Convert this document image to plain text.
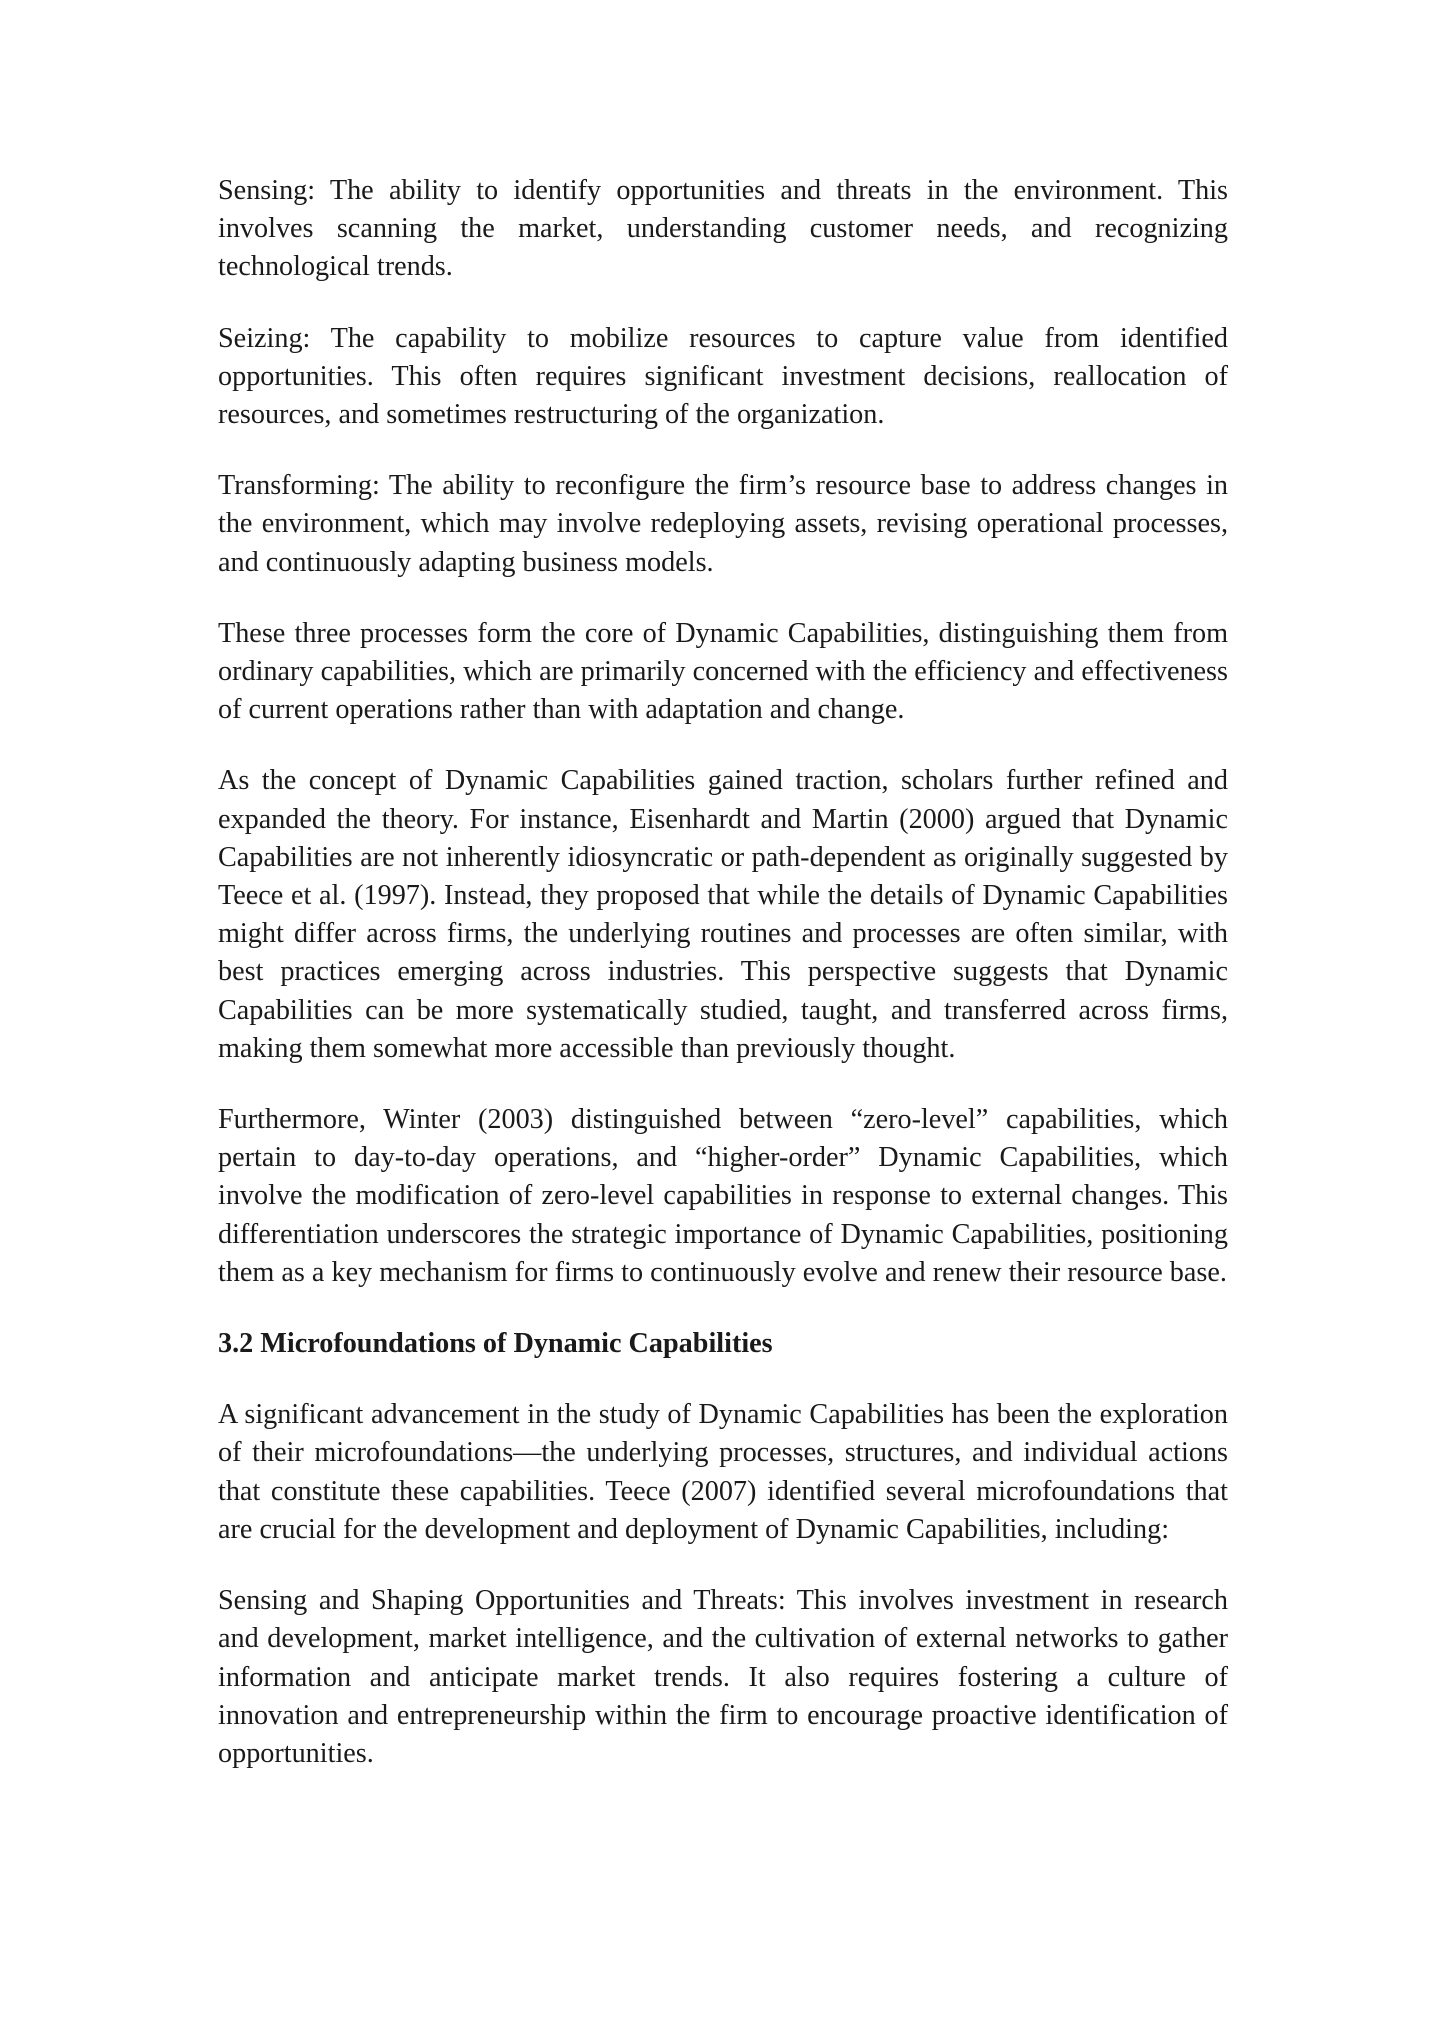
Sensing: The ability to identify opportunities and threats in the environment. This involves scanning the market, understanding customer needs, and recognizing technological trends.

Seizing: The capability to mobilize resources to capture value from identified opportunities. This often requires significant investment decisions, reallocation of resources, and sometimes restructuring of the organization.

Transforming: The ability to reconfigure the firm’s resource base to address changes in the environment, which may involve redeploying assets, revising operational processes, and continuously adapting business models.

These three processes form the core of Dynamic Capabilities, distinguishing them from ordinary capabilities, which are primarily concerned with the efficiency and effectiveness of current operations rather than with adaptation and change.

As the concept of Dynamic Capabilities gained traction, scholars further refined and expanded the theory. For instance, Eisenhardt and Martin (2000) argued that Dynamic Capabilities are not inherently idiosyncratic or path-dependent as originally suggested by Teece et al. (1997). Instead, they proposed that while the details of Dynamic Capabilities might differ across firms, the underlying routines and processes are often similar, with best practices emerging across industries. This perspective suggests that Dynamic Capabilities can be more systematically studied, taught, and transferred across firms, making them somewhat more accessible than previously thought.

Furthermore, Winter (2003) distinguished between “zero-level” capabilities, which pertain to day-to-day operations, and “higher-order” Dynamic Capabilities, which involve the modification of zero-level capabilities in response to external changes. This differentiation underscores the strategic importance of Dynamic Capabilities, positioning them as a key mechanism for firms to continuously evolve and renew their resource base.

3.2 Microfoundations of Dynamic Capabilities

A significant advancement in the study of Dynamic Capabilities has been the exploration of their microfoundations—the underlying processes, structures, and individual actions that constitute these capabilities. Teece (2007) identified several microfoundations that are crucial for the development and deployment of Dynamic Capabilities, including:

Sensing and Shaping Opportunities and Threats: This involves investment in research and development, market intelligence, and the cultivation of external networks to gather information and anticipate market trends. It also requires fostering a culture of innovation and entrepreneurship within the firm to encourage proactive identification of opportunities.
